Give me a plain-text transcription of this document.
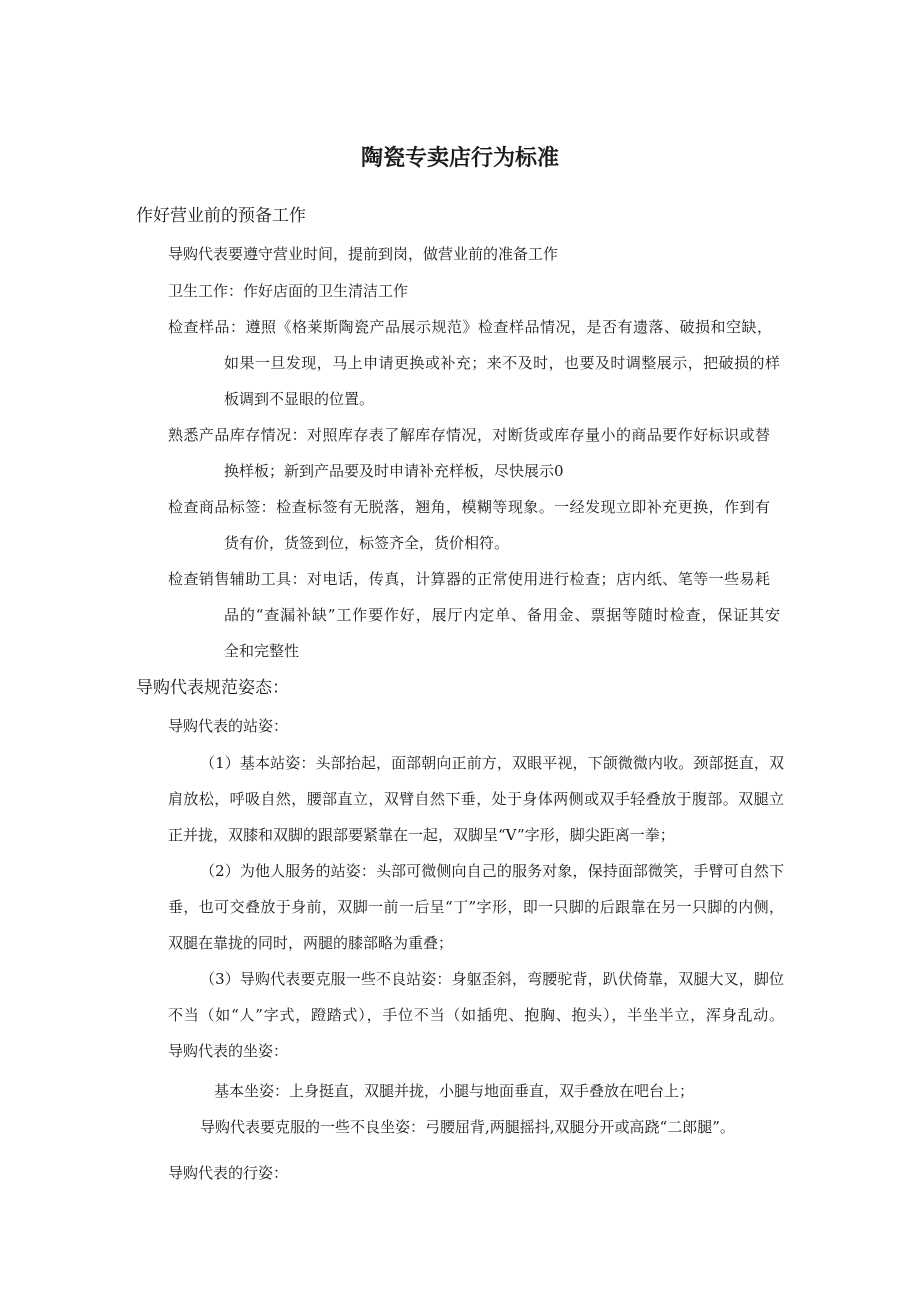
陶瓷专卖店行为标准
作好营业前的预备工作
导购代表要遵守营业时间，提前到岗，做营业前的准备工作
卫生工作：作好店面的卫生清洁工作
检查样品：遵照《格莱斯陶瓷产品展示规范》检查样品情况，是否有遗落、破损和空缺，
如果一旦发现，马上申请更换或补充；来不及时，也要及时调整展示，把破损的样
板调到不显眼的位置。
熟悉产品库存情况：对照库存表了解库存情况，对断货或库存量小的商品要作好标识或替
换样板；新到产品要及时申请补充样板，尽快展示0
检查商品标签：检查标签有无脱落，翘角，模糊等现象。一经发现立即补充更换，作到有
货有价，货签到位，标签齐全，货价相符。
检查销售辅助工具：对电话，传真，计算器的正常使用进行检查；店内纸、笔等一些易耗
品的“查漏补缺”工作要作好，展厅内定单、备用金、票据等随时检查，保证其安
全和完整性
导购代表规范姿态：
导购代表的站姿：
（1）基本站姿：头部抬起，面部朝向正前方，双眼平视，下颌微微内收。颈部挺直，双
肩放松，呼吸自然，腰部直立，双臂自然下垂，处于身体两侧或双手轻叠放于腹部。双腿立
正并拢，双膝和双脚的跟部要紧靠在一起，双脚呈“V”字形，脚尖距离一拳；
（2）为他人服务的站姿：头部可微侧向自己的服务对象，保持面部微笑，手臂可自然下
垂，也可交叠放于身前，双脚一前一后呈“丁”字形，即一只脚的后跟靠在另一只脚的内侧，
双腿在靠拢的同时，两腿的膝部略为重叠；
（3）导购代表要克服一些不良站姿：身躯歪斜，弯腰驼背，趴伏倚靠，双腿大叉，脚位
不当（如“人”字式，蹬踏式），手位不当（如插兜、抱胸、抱头），半坐半立，浑身乱动。
导购代表的坐姿：
基本坐姿：上身挺直，双腿并拢，小腿与地面垂直，双手叠放在吧台上；
导购代表要克服的一些不良坐姿：弓腰屈背,两腿摇抖,双腿分开或高跷“二郎腿”。
导购代表的行姿：
